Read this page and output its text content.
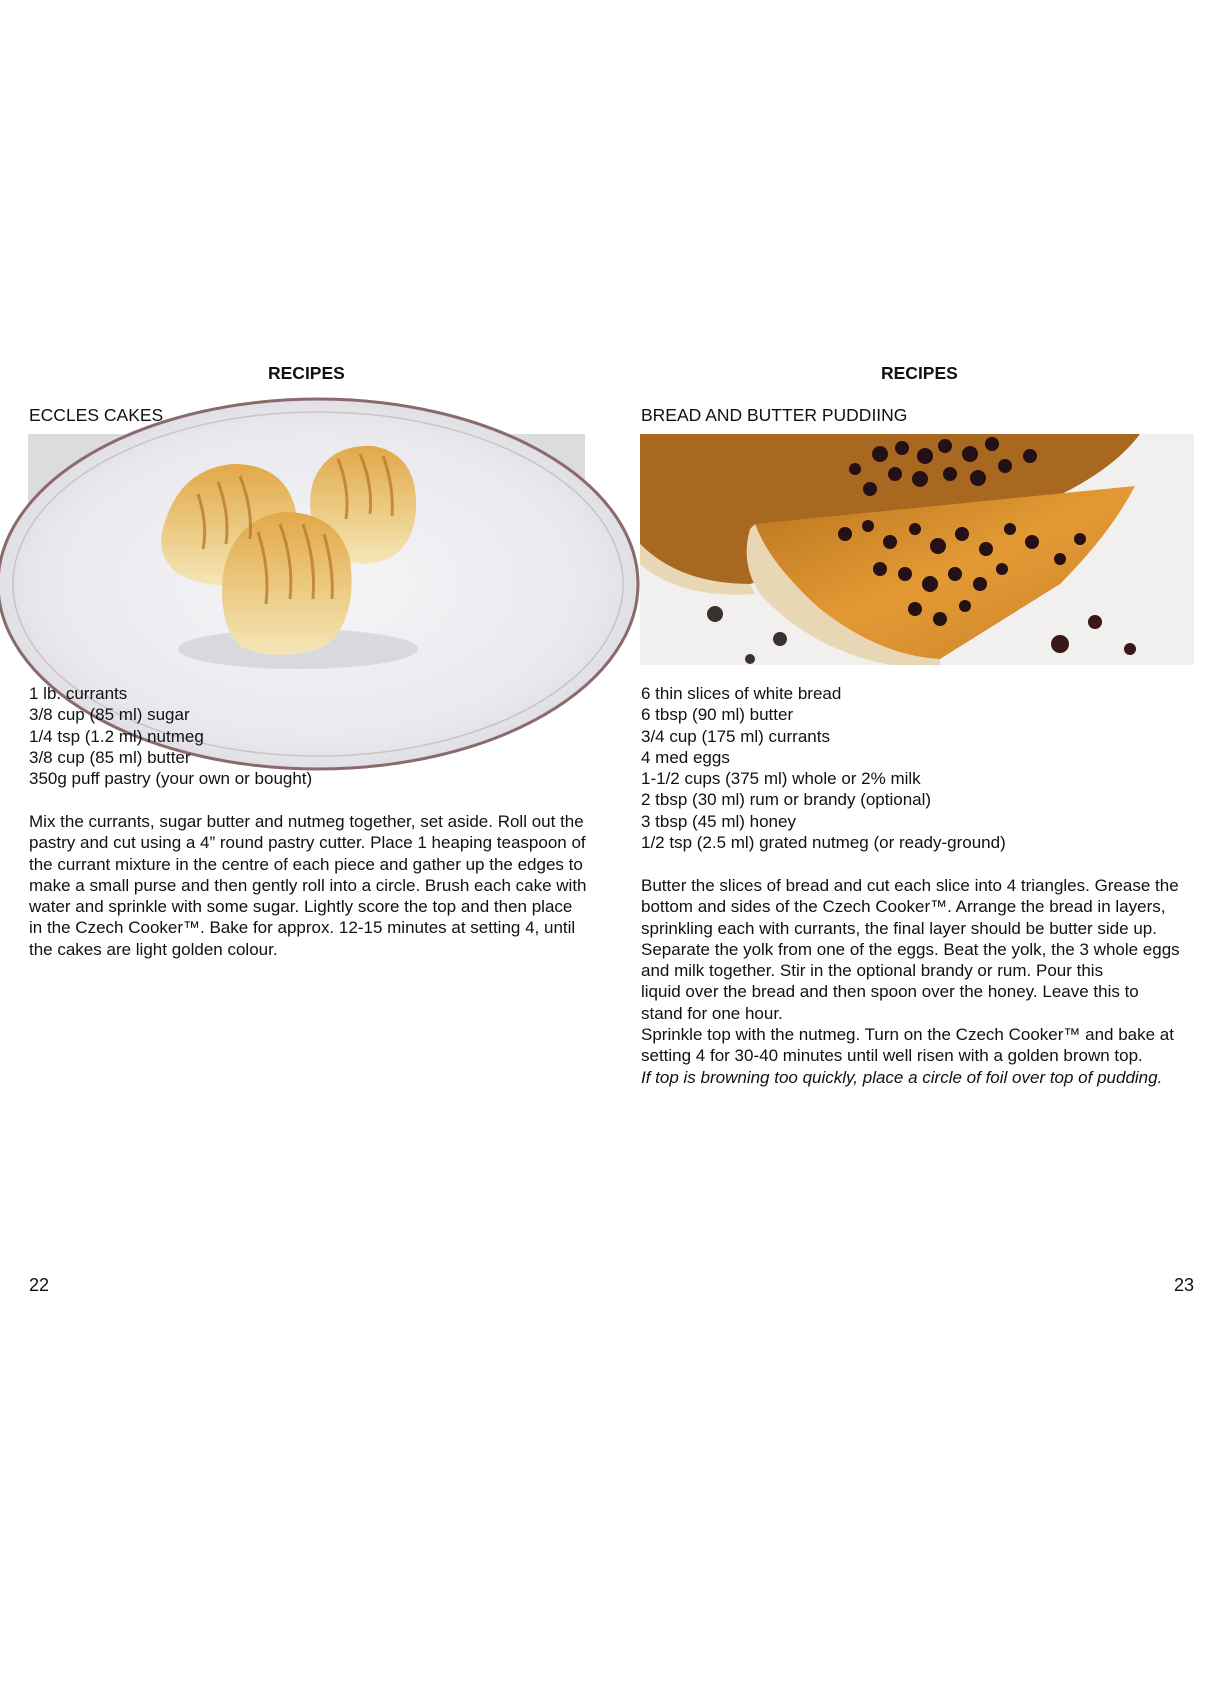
RECIPES
ECCLES CAKES
1 lb. currants
3/8 cup (85 ml) sugar
1/4 tsp (1.2 ml) nutmeg
3/8 cup (85 ml) butter
350g puff pastry (your own or bought)

Mix the currants, sugar butter and nutmeg together, set aside. Roll out the pastry and cut using a 4” round pastry cutter. Place 1 heaping teaspoon of the currant mixture in the centre of each piece and gather up the edges to make a small purse and then gently roll into a circle. Brush each cake with water and sprinkle with some sugar. Lightly score the top and then place in the Czech Cooker™. Bake for approx. 12-15 minutes at setting 4, until the cakes are light golden colour.

22
RECIPES
BREAD AND BUTTER PUDDIING
6 thin slices of white bread
6 tbsp (90 ml) butter
3/4 cup (175 ml) currants
4 med eggs
1-1/2 cups (375 ml) whole or 2% milk
2 tbsp (30 ml) rum or brandy (optional)
3 tbsp (45 ml) honey
1/2 tsp (2.5 ml) grated nutmeg (or ready-ground)
Butter the slices of bread and cut each slice into 4 triangles. Grease the
bottom and sides of the Czech Cooker™. Arrange the bread in layers,
sprinkling each with currants, the final layer should be butter side up.
Separate the yolk from one of the eggs. Beat the yolk, the 3 whole eggs
and milk together. Stir in the optional brandy or rum. Pour this
liquid over the bread and then spoon over the honey. Leave this to
stand for one hour.
Sprinkle top with the nutmeg. Turn on the Czech Cooker™ and bake at
setting 4 for 30-40 minutes until well risen with a golden brown top.
If top is browning too quickly, place a circle of foil over top of pudding.
23
